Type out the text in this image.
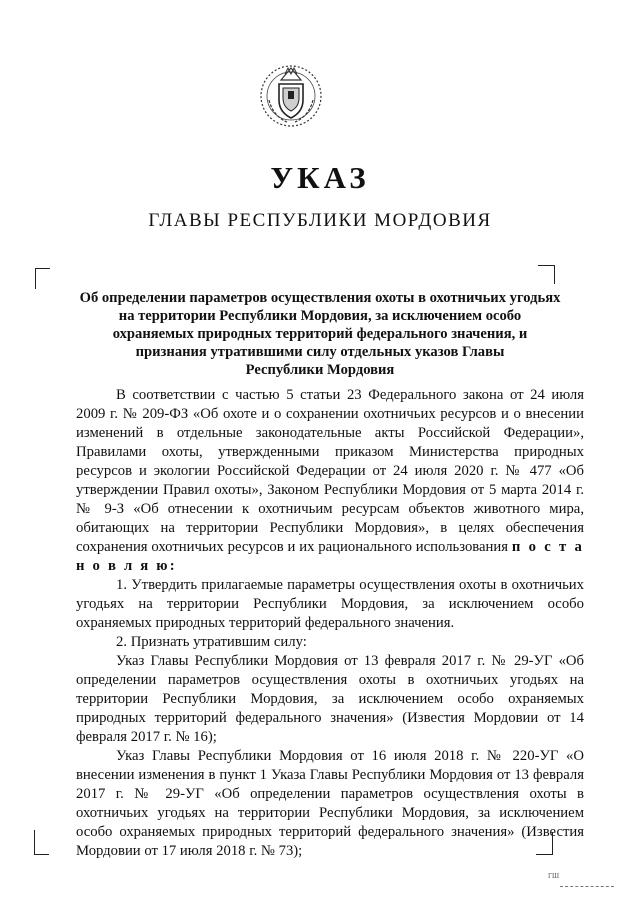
УКАЗ
ГЛАВЫ РЕСПУБЛИКИ МОРДОВИЯ
Об определении параметров осуществления охоты в охотничьих угодьях
на территории Республики Мордовия, за исключением особо
охраняемых природных территорий федерального значения, и
признания утратившими силу отдельных указов Главы
Республики Мордовия

В соответствии с частью 5 статьи 23 Федерального закона от 24 июля 2009 г. № 209-ФЗ «Об охоте и о сохранении охотничьих ресурсов и о внесении изменений в отдельные законодательные акты Российской Федерации», Правилами охоты, утвержденными приказом Министерства природных ресурсов и экологии Российской Федерации от 24 июля 2020 г. № 477 «Об утверждении Правил охоты», Законом Республики Мордовия от 5 марта 2014 г. № 9-З «Об отнесении к охотничьим ресурсам объектов животного мира, обитающих на территории Республики Мордовия», в целях обеспечения сохранения охотничьих ресурсов и их рационального использования п о с т а н о в л я ю:

1. Утвердить прилагаемые параметры осуществления охоты в охотничьих угодьях на территории Республики Мордовия, за исключением особо охраняемых природных территорий федерального значения.

2. Признать утратившим силу:

Указ Главы Республики Мордовия от 13 февраля 2017 г. № 29-УГ «Об определении параметров осуществления охоты в охотничьих угодьях на территории Республики Мордовия, за исключением особо охраняемых природных территорий федерального значения» (Известия Мордовии от 14 февраля 2017 г. № 16);

Указ Главы Республики Мордовия от 16 июля 2018 г. № 220-УГ «О внесении изменения в пункт 1 Указа Главы Республики Мордовия от 13 февраля 2017 г. № 29-УГ «Об определении параметров осуществления охоты в охотничьих угодьях на территории Республики Мордовия, за исключением особо охраняемых природных территорий федерального значения» (Известия Мордовии от 17 июля 2018 г. № 73);

ГШ
